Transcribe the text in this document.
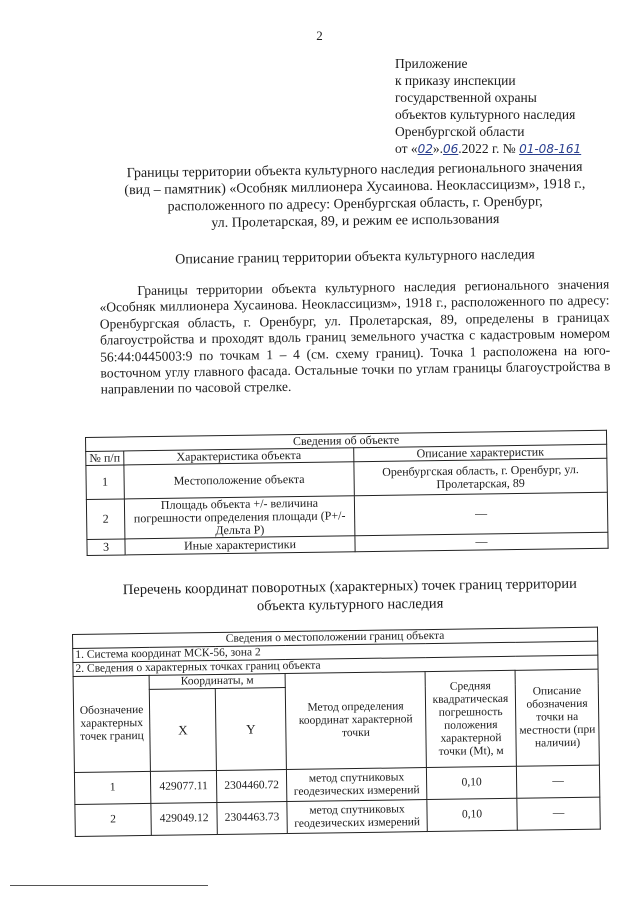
2
Приложение
к приказу инспекции
государственной охраны
объектов культурного наследия
Оренбургской области
от «02».06.2022 г. № 01-08-161
Границы территории объекта культурного наследия регионального значения
(вид – памятник) «Особняк миллионера Хусаинова. Неоклассицизм», 1918 г.,
расположенного по адресу: Оренбургская область, г. Оренбург,
ул. Пролетарская, 89, и режим ее использования
Описание границ территории объекта культурного наследия

Границы территории объекта культурного наследия регионального значения «Особняк миллионера Хусаинова. Неоклассицизм», 1918 г., расположенного по адресу: Оренбургская область, г. Оренбург, ул. Пролетарская, 89, определены в границах благоустройства и проходят вдоль границ земельного участка с кадастровым номером 56:44:0445003:9 по точкам 1 – 4 (см. схему границ). Точка 1 расположена на юго-восточном углу главного фасада. Остальные точки по углам границы благоустройства в направлении по часовой стрелке.

Сведения об объекте		
№ п/п	Характеристика объекта	Описание характеристик
1	Местоположение объекта	Оренбургская область, г. Оренбург, ул. Пролетарская, 89
2	Площадь объекта +/- величина погрешности определения площади (Р+/- Дельта Р)	—
3	Иные характеристики	—
Перечень координат поворотных (характерных) точек границ территории
объекта культурного наследия
Сведения о местоположении границ объекта					
1. Система координат МСК-56, зона 2					
2. Сведения о характерных точках границ объекта					
Обозначение характерных точек границ	Координаты, м		Метод определения координат характерной точки	Средняя квадратическая погрешность положения характерной точки (Mt), м	Описание обозначения точки на местности (при наличии)
	X	Y			
1	429077.11	2304460.72	метод спутниковых геодезических измерений	0,10	—
2	429049.12	2304463.73	метод спутниковых геодезических измерений	0,10	—
